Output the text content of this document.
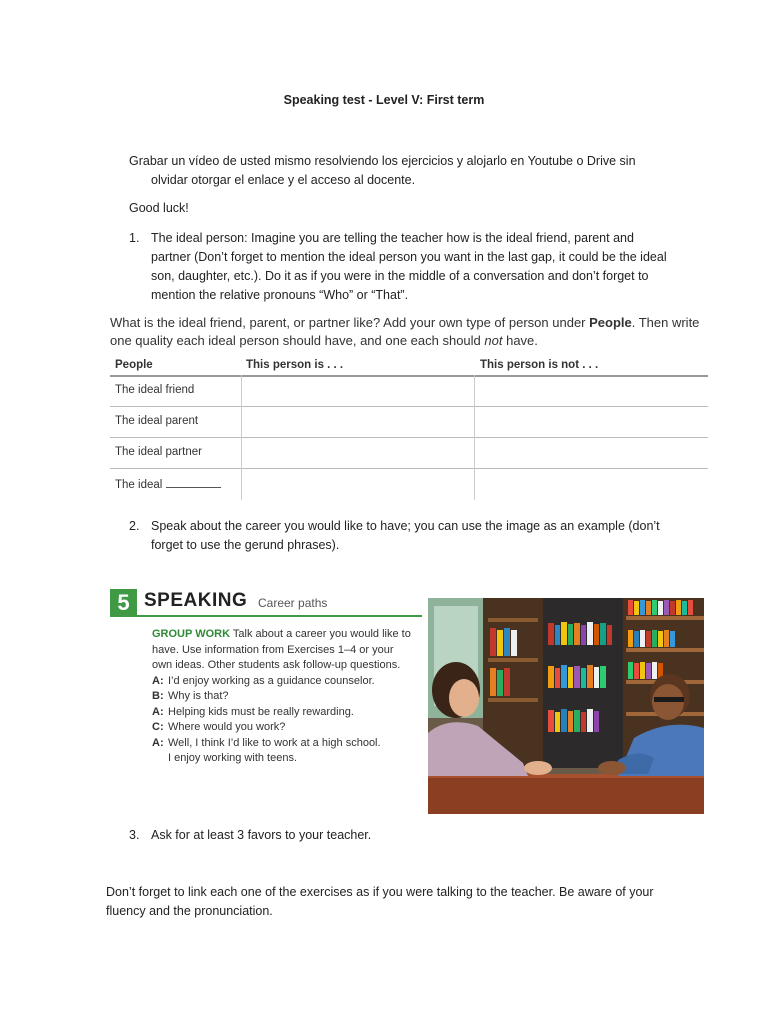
Speaking test - Level V: First term
Grabar un vídeo de usted mismo resolviendo los ejercicios y alojarlo en Youtube o Drive sin
olvidar otorgar el enlace y el acceso al docente.
Good luck!
1. The ideal person: Imagine you are telling the teacher how is the ideal friend, parent and partner (Don’t forget to mention the ideal person you want in the last gap, it could be the ideal son, daughter, etc.). Do it as if you were in the middle of a conversation and don’t forget to mention the relative pronouns “Who” or “That”.
What is the ideal friend, parent, or partner like? Add your own type of person under People. Then write one quality each ideal person should have, and one each should not have.
People	This person is . . .	This person is not . . .
The ideal friend
The ideal parent
The ideal partner
The ideal
2. Speak about the career you would like to have; you can use the image as an example (don’t forget to use the gerund phrases).
5 SPEAKING Career paths
GROUP WORK Talk about a career you would like to have. Use information from Exercises 1–4 or your own ideas. Other students ask follow-up questions.
A: I’d enjoy working as a guidance counselor.
B: Why is that?
A: Helping kids must be really rewarding.
C: Where would you work?
A: Well, I think I’d like to work at a high school.
I enjoy working with teens.
3. Ask for at least 3 favors to your teacher.
Don’t forget to link each one of the exercises as if you were talking to the teacher. Be aware of your fluency and the pronunciation.
